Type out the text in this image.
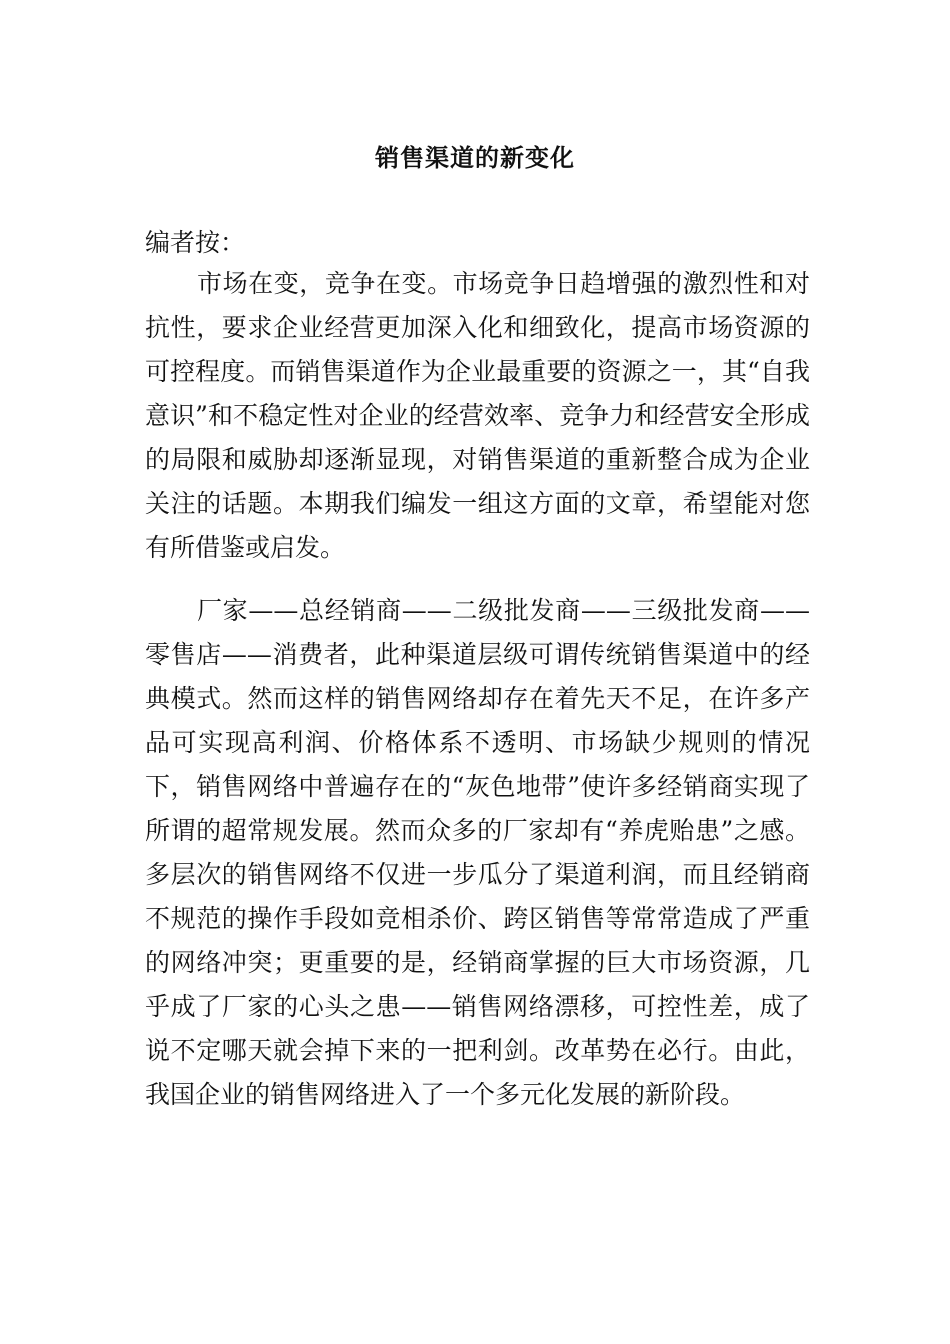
销售渠道的新变化
编者按：

市场在变，竞争在变。市场竞争日趋增强的激烈性和对抗性，要求企业经营更加深入化和细致化，提高市场资源的可控程度。而销售渠道作为企业最重要的资源之一，其“自我意识”和不稳定性对企业的经营效率、竞争力和经营安全形成的局限和威胁却逐渐显现，对销售渠道的重新整合成为企业关注的话题。本期我们编发一组这方面的文章，希望能对您有所借鉴或启发。

厂家——总经销商——二级批发商——三级批发商——零售店——消费者，此种渠道层级可谓传统销售渠道中的经典模式。然而这样的销售网络却存在着先天不足，在许多产品可实现高利润、价格体系不透明、市场缺少规则的情况下，销售网络中普遍存在的“灰色地带”使许多经销商实现了所谓的超常规发展。然而众多的厂家却有“养虎贻患”之感。多层次的销售网络不仅进一步瓜分了渠道利润，而且经销商不规范的操作手段如竞相杀价、跨区销售等常常造成了严重的网络冲突；更重要的是，经销商掌握的巨大市场资源，几乎成了厂家的心头之患——销售网络漂移，可控性差，成了说不定哪天就会掉下来的一把利剑。改革势在必行。由此，我国企业的销售网络进入了一个多元化发展的新阶段。
